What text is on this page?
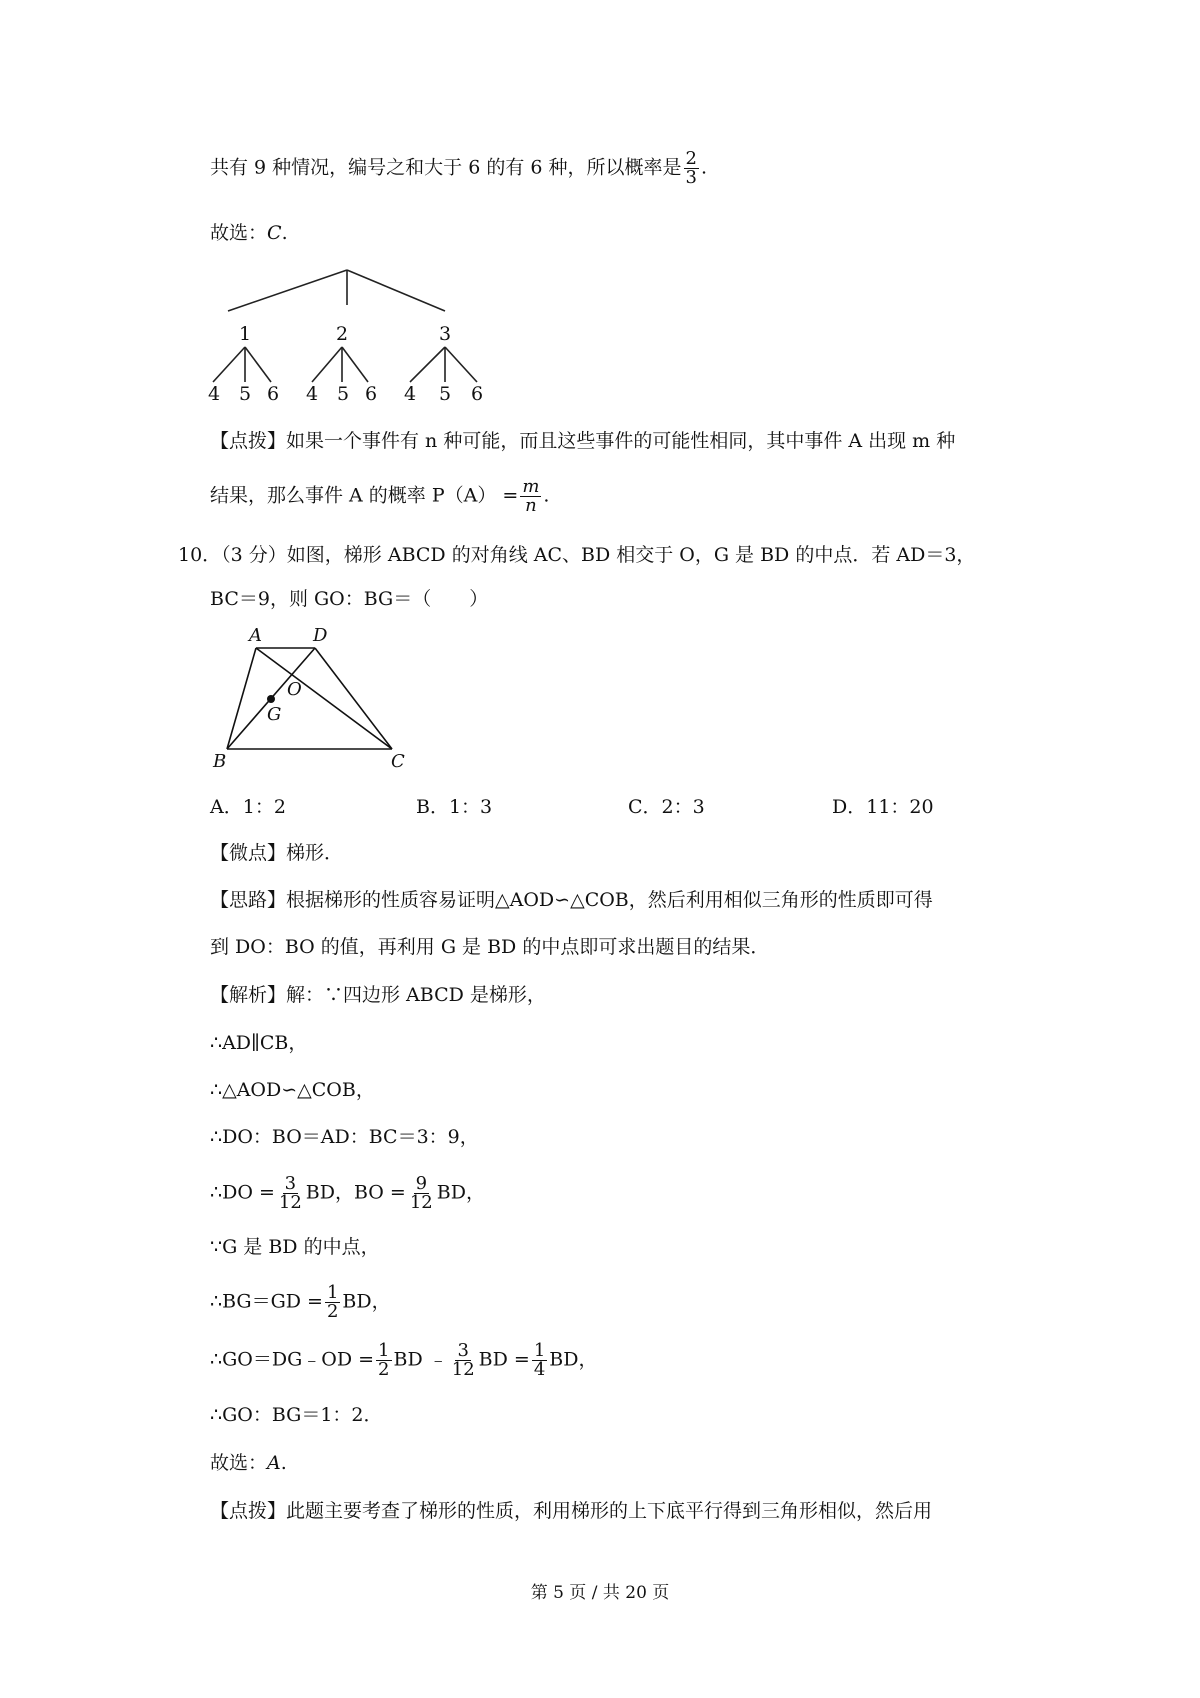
共有 9 种情况，编号之和大于 6 的有 6 种，所以概率是 $\frac{2}{3}$ .
故选：C.
1	2	3
4 5 6 4 5 6 4 5 6
【点拨】如果一个事件有 n 种可能，而且这些事件的可能性相同，其中事件 A 出现 m 种
结果，那么事件 A 的概率 $P(A) = \frac{m}{n}$ .
10．（3 分）如图，梯形 ABCD 的对角线 AC、BD 相交于 O，G 是 BD 的中点．若 AD＝3，
BC＝9，则 GO：BG＝（　　）
A	D
O
G
B	C
A．1：2	B．1：3	C．2：3	D．11：20
【微点】梯形．
【思路】根据梯形的性质容易证明△AOD∽△COB，然后利用相似三角形的性质即可得
到 DO：BO 的值，再利用 G 是 BD 的中点即可求出题目的结果．
【解析】解：∵四边形 ABCD 是梯形，
∴AD∥CB，
∴△AOD∽△COB，
∴DO：BO＝AD：BC＝3：9，
∴DO = $\frac{3}{12}$ BD，BO = $\frac{9}{12}$ BD，
∵G 是 BD 的中点，
∴BG＝GD = $\frac{1}{2}$ BD，
∴GO＝DG﹣OD = $\frac{1}{2}$ BD ﹣ $\frac{3}{12}$ BD = $\frac{1}{4}$ BD，
∴GO：BG＝1：2．
故选：A.
【点拨】此题主要考查了梯形的性质，利用梯形的上下底平行得到三角形相似，然后用
第 5 页 / 共 20 页
